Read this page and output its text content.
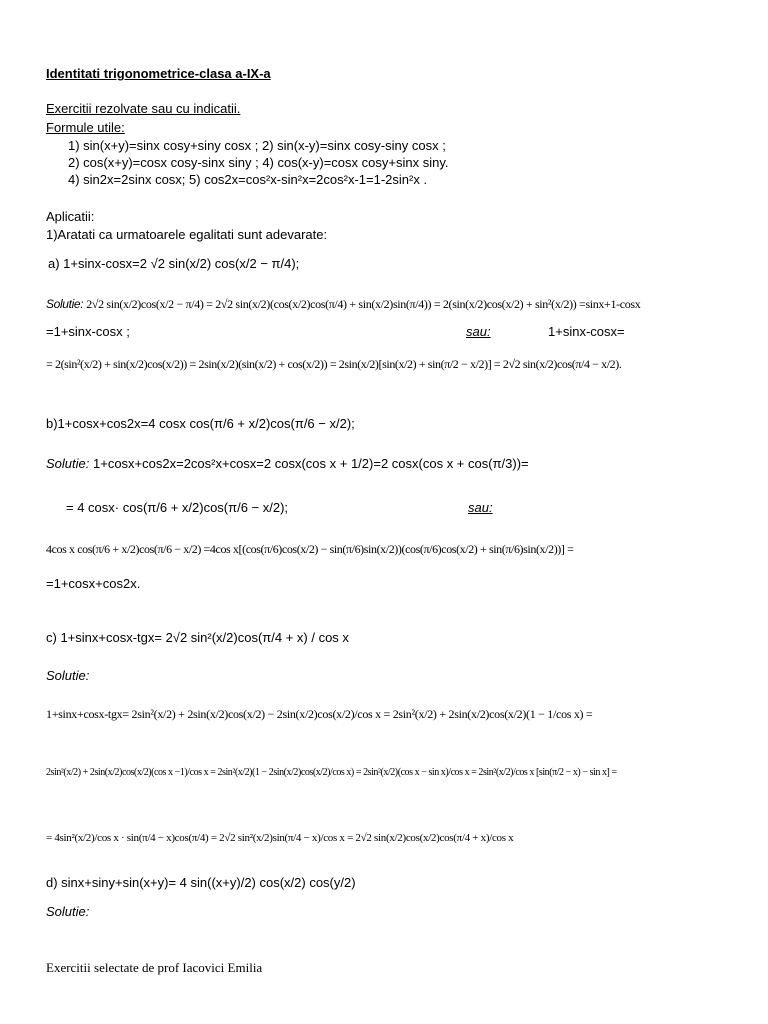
Identitati trigonometrice-clasa a-IX-a
Exercitii rezolvate sau cu indicatii.
Formule utile:
1) sin(x+y)=sinx cosy+siny cosx ; 2) sin(x-y)=sinx cosy-siny cosx ;
2) cos(x+y)=cosx cosy-sinx siny ; 4) cos(x-y)=cosx cosy+sinx siny.
4) sin2x=2sinx cosx; 5) cos2x=cos²x-sin²x=2cos²x-1=1-2sin²x .
Aplicatii:
1)Aratati ca urmatoarele egalitati sunt adevarate:
a) 1+sinx-cosx=2 √2 sin(x/2) cos(x/2 − π/4);
Solutie: 2√2 sin(x/2)cos(x/2 − π/4) = 2√2 sin(x/2)(cos(x/2)cos(π/4) + sin(x/2)sin(π/4)) = 2(sin(x/2)cos(x/2) + sin²(x/2)) =sinx+1-cosx
=1+sinx-cosx ;	sau:	1+sinx-cosx=
= 2(sin²(x/2) + sin(x/2)cos(x/2)) = 2sin(x/2)(sin(x/2) + cos(x/2)) = 2sin(x/2)[sin(x/2) + sin(π/2 − x/2)] = 2√2 sin(x/2)cos(π/4 − x/2).
b)1+cosx+cos2x=4 cosx cos(π/6 + x/2)cos(π/6 − x/2);
Solutie: 1+cosx+cos2x=2cos²x+cosx=2 cosx(cos x + 1/2)=2 cosx(cos x + cos(π/3))=
= 4 cosx· cos(π/6 + x/2)cos(π/6 − x/2);	sau:
4cos x cos(π/6 + x/2)cos(π/6 − x/2) =4cos x[(cos(π/6)cos(x/2) − sin(π/6)sin(x/2))(cos(π/6)cos(x/2) + sin(π/6)sin(x/2))] =
=1+cosx+cos2x.
c) 1+sinx+cosx-tgx= 2√2 sin²(x/2)cos(π/4 + x) / cos x
Solutie:
1+sinx+cosx-tgx= 2sin²(x/2) + 2sin(x/2)cos(x/2) − 2sin(x/2)cos(x/2)/cos x = 2sin²(x/2) + 2sin(x/2)cos(x/2)(1 − 1/cos x) =
2sin²(x/2) + 2sin(x/2)cos(x/2)(cos x −1)/cos x = 2sin²(x/2)(1 − 2sin(x/2)cos(x/2)/cos x) = 2sin²(x/2)(cos x − sin x)/cos x = 2sin²(x/2)/cos x [sin(π/2 − x) − sin x] =
= 4sin²(x/2)/cos x · sin(π/4 − x)cos(π/4) = 2√2 sin²(x/2)sin(π/4 − x)/cos x = 2√2 sin(x/2)cos(x/2)cos(π/4 + x)/cos x
d) sinx+siny+sin(x+y)= 4 sin((x+y)/2) cos(x/2) cos(y/2)
Solutie:
Exercitii selectate de prof Iacovici Emilia
